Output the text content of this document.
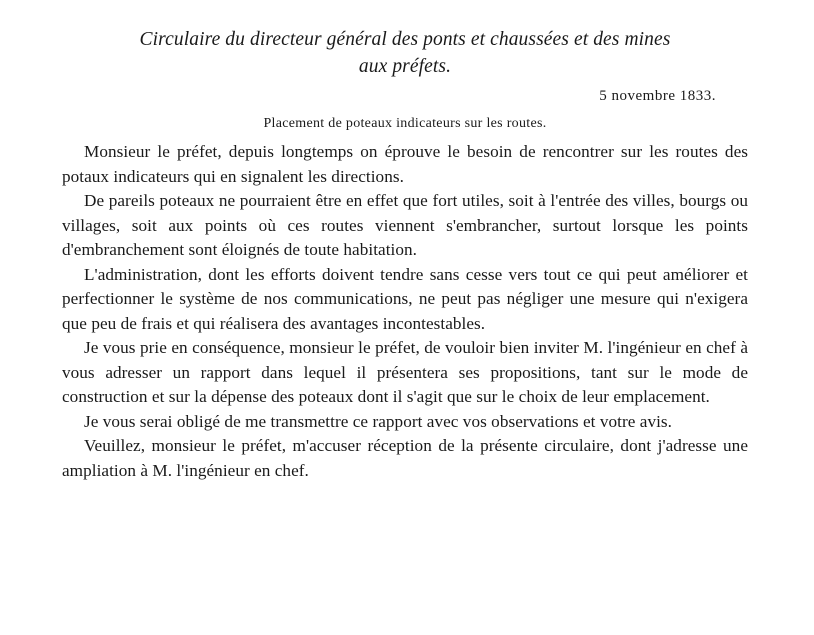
Circulaire du directeur général des ponts et chaussées et des mines
aux préfets.
5 novembre 1833.
Placement de poteaux indicateurs sur les routes.

Monsieur le préfet, depuis longtemps on éprouve le besoin de rencontrer sur les routes des potaux indicateurs qui en signalent les directions.

De pareils poteaux ne pourraient être en effet que fort utiles, soit à l'entrée des villes, bourgs ou villages, soit aux points où ces routes viennent s'embrancher, surtout lorsque les points d'embranchement sont éloignés de toute habitation.

L'administration, dont les efforts doivent tendre sans cesse vers tout ce qui peut améliorer et perfectionner le système de nos communications, ne peut pas négliger une mesure qui n'exigera que peu de frais et qui réalisera des avantages incontestables.

Je vous prie en conséquence, monsieur le préfet, de vouloir bien inviter M. l'ingénieur en chef à vous adresser un rapport dans lequel il présentera ses propositions, tant sur le mode de construction et sur la dépense des poteaux dont il s'agit que sur le choix de leur emplacement.

Je vous serai obligé de me transmettre ce rapport avec vos observations et votre avis.

Veuillez, monsieur le préfet, m'accuser réception de la présente circulaire, dont j'adresse une ampliation à M. l'ingénieur en chef.
